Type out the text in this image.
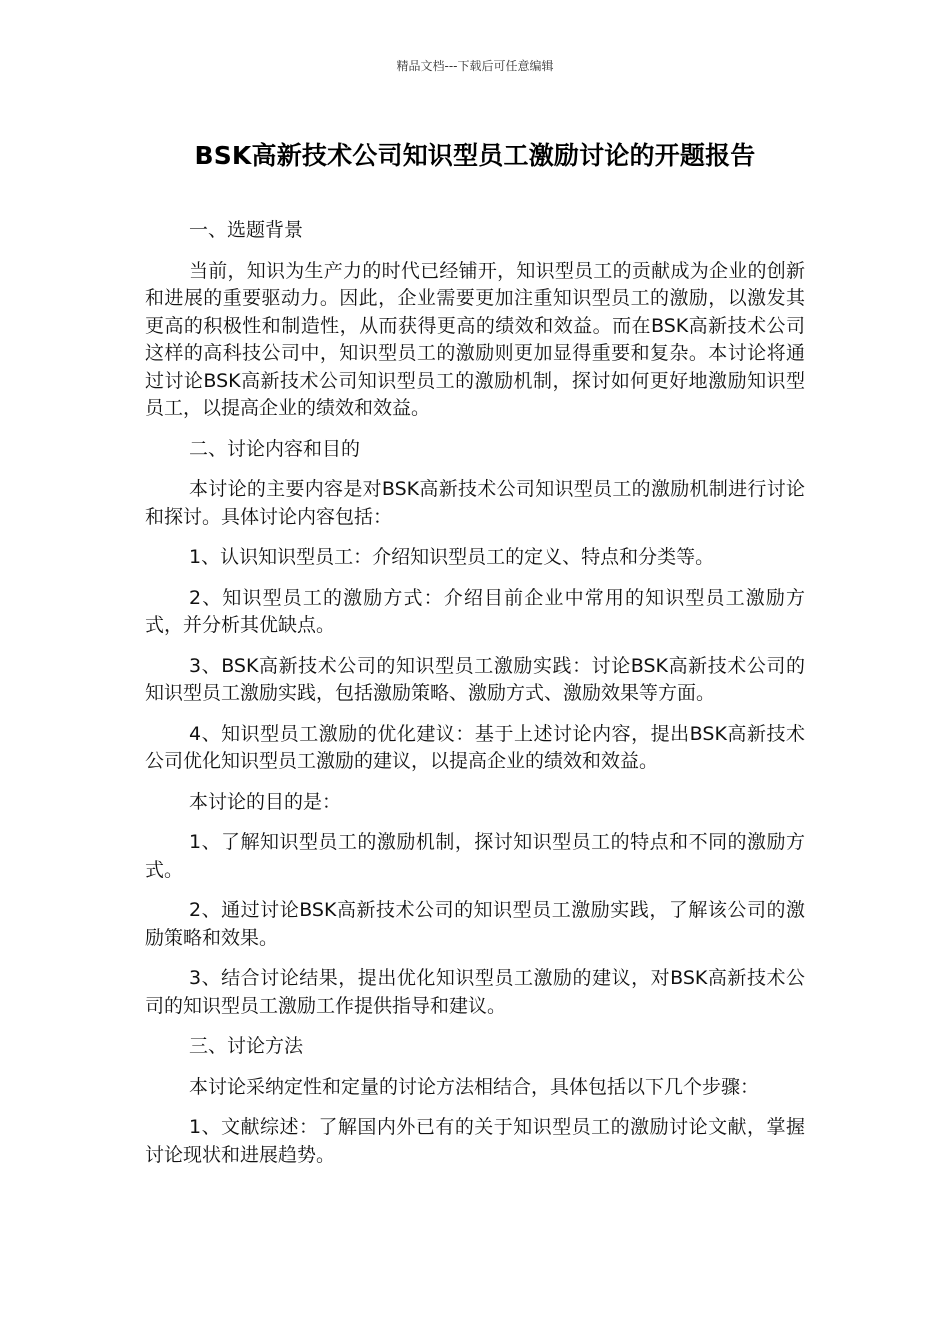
精品文档---下载后可任意编辑
BSK高新技术公司知识型员工激励讨论的开题报告

一、选题背景

当前，知识为生产力的时代已经铺开，知识型员工的贡献成为企业的创新和进展的重要驱动力。因此，企业需要更加注重知识型员工的激励，以激发其更高的积极性和制造性，从而获得更高的绩效和效益。而在BSK高新技术公司这样的高科技公司中，知识型员工的激励则更加显得重要和复杂。本讨论将通过讨论BSK高新技术公司知识型员工的激励机制，探讨如何更好地激励知识型员工，以提高企业的绩效和效益。

二、讨论内容和目的

本讨论的主要内容是对BSK高新技术公司知识型员工的激励机制进行讨论和探讨。具体讨论内容包括：

1、认识知识型员工：介绍知识型员工的定义、特点和分类等。

2、知识型员工的激励方式：介绍目前企业中常用的知识型员工激励方式，并分析其优缺点。

3、BSK高新技术公司的知识型员工激励实践：讨论BSK高新技术公司的知识型员工激励实践，包括激励策略、激励方式、激励效果等方面。

4、知识型员工激励的优化建议：基于上述讨论内容，提出BSK高新技术公司优化知识型员工激励的建议，以提高企业的绩效和效益。

本讨论的目的是：

1、了解知识型员工的激励机制，探讨知识型员工的特点和不同的激励方式。

2、通过讨论BSK高新技术公司的知识型员工激励实践，了解该公司的激励策略和效果。

3、结合讨论结果，提出优化知识型员工激励的建议，对BSK高新技术公司的知识型员工激励工作提供指导和建议。

三、讨论方法

本讨论采纳定性和定量的讨论方法相结合，具体包括以下几个步骤：

1、文献综述：了解国内外已有的关于知识型员工的激励讨论文献，掌握讨论现状和进展趋势。
